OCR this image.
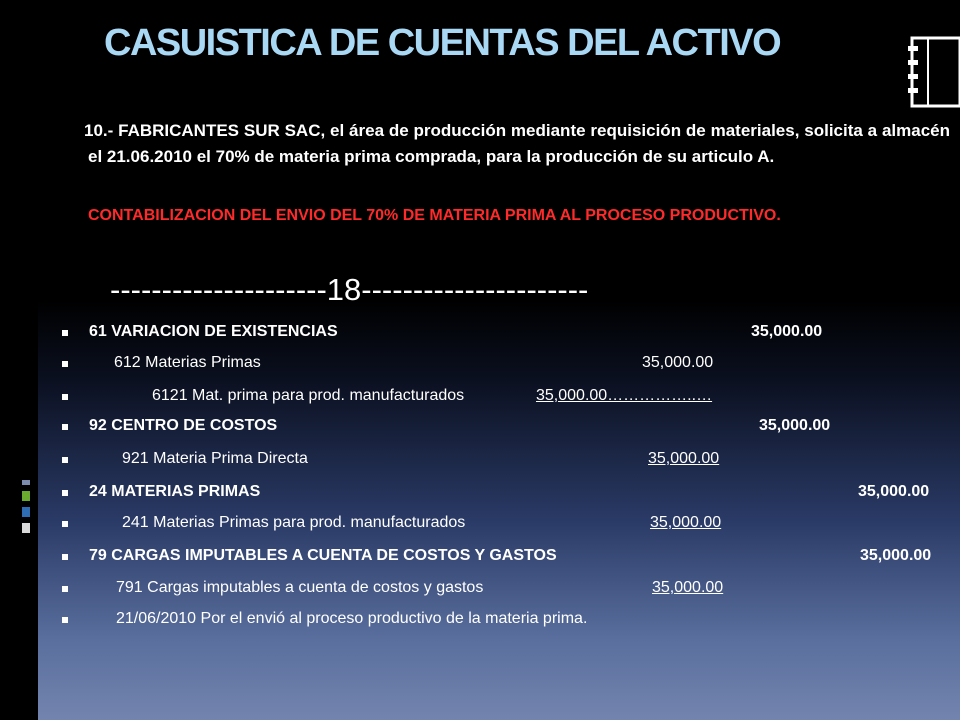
CASUISTICA DE CUENTAS DEL ACTIVO
10.- FABRICANTES SUR SAC, el área de producción mediante requisición de materiales, solicita a almacén el 21.06.2010 el 70% de materia prima comprada, para la producción de su articulo A.
CONTABILIZACION DEL ENVIO DEL 70% DE MATERIA PRIMA AL PROCESO PRODUCTIVO.
---------------------18----------------------
61 VARIACION DE EXISTENCIAS	35,000.00
612 Materias Primas	35,000.00
6121 Mat. prima para prod. manufacturados	35,000.00……………..…
92 CENTRO DE COSTOS	35,000.00
921 Materia Prima Directa	35,000.00
24 MATERIAS PRIMAS	35,000.00
241 Materias Primas para prod. manufacturados	35,000.00
79 CARGAS IMPUTABLES A CUENTA DE COSTOS Y GASTOS	35,000.00
791 Cargas imputables a cuenta de costos y gastos	35,000.00
21/06/2010 Por el envió al proceso productivo de la materia prima.
